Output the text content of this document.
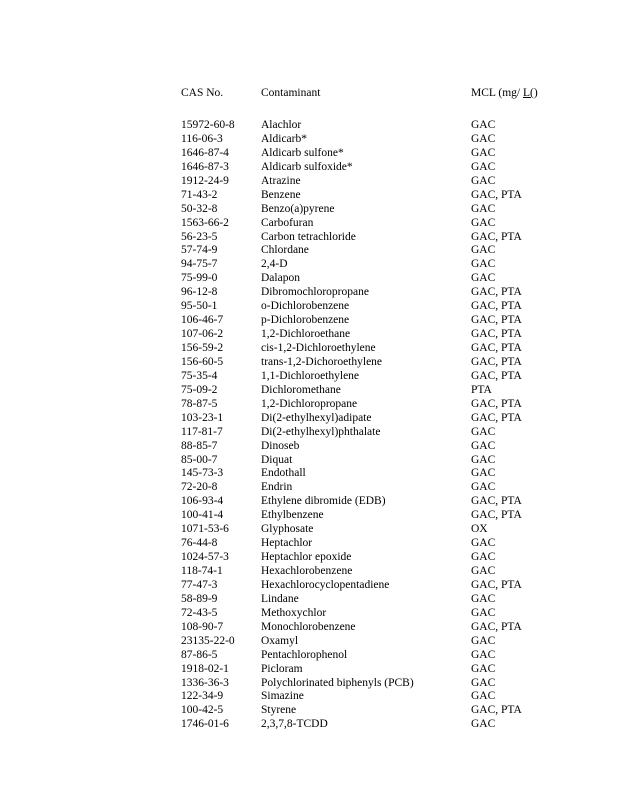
CAS No.	Contaminant	MCL (mg/ L()
15972-60-8 Alachlor	GAC
116-06-3	Aldicarb*	GAC
1646-87-4	Aldicarb sulfone*	GAC
1646-87-3	Aldicarb sulfoxide*	GAC
1912-24-9	Atrazine	GAC
71-43-2	Benzene	GAC, PTA
50-32-8	Benzo(a)pyrene	GAC
1563-66-2	Carbofuran	GAC
56-23-5	Carbon tetrachloride	GAC, PTA
57-74-9	Chlordane	GAC
94-75-7	2,4-D	GAC
75-99-0	Dalapon	GAC
96-12-8	Dibromochloropropane	GAC, PTA
95-50-1	o-Dichlorobenzene	GAC, PTA
106-46-7	p-Dichlorobenzene	GAC, PTA
107-06-2	1,2-Dichloroethane	GAC, PTA
156-59-2	cis-1,2-Dichloroethylene	GAC, PTA
156-60-5	trans-1,2-Dichoroethylene	GAC, PTA
75-35-4	1,1-Dichloroethylene	GAC, PTA
75-09-2	Dichloromethane	PTA
78-87-5	1,2-Dichloropropane	GAC, PTA
103-23-1	Di(2-ethylhexyl)adipate	GAC, PTA
117-81-7	Di(2-ethylhexyl)phthalate	GAC
88-85-7	Dinoseb	GAC
85-00-7	Diquat	GAC
145-73-3	Endothall	GAC
72-20-8	Endrin	GAC
106-93-4	Ethylene dibromide (EDB)	GAC, PTA
100-41-4	Ethylbenzene	GAC, PTA
1071-53-6	Glyphosate	OX
76-44-8	Heptachlor	GAC
1024-57-3	Heptachlor epoxide	GAC
118-74-1	Hexachlorobenzene	GAC
77-47-3	Hexachlorocyclopentadiene	GAC, PTA
58-89-9	Lindane	GAC
72-43-5	Methoxychlor	GAC
108-90-7	Monochlorobenzene	GAC, PTA
23135-22-0 Oxamyl	GAC
87-86-5	Pentachlorophenol	GAC
1918-02-1	Picloram	GAC
1336-36-3	Polychlorinated biphenyls (PCB)	GAC
122-34-9	Simazine	GAC
100-42-5	Styrene	GAC, PTA
1746-01-6	2,3,7,8-TCDD	GAC
